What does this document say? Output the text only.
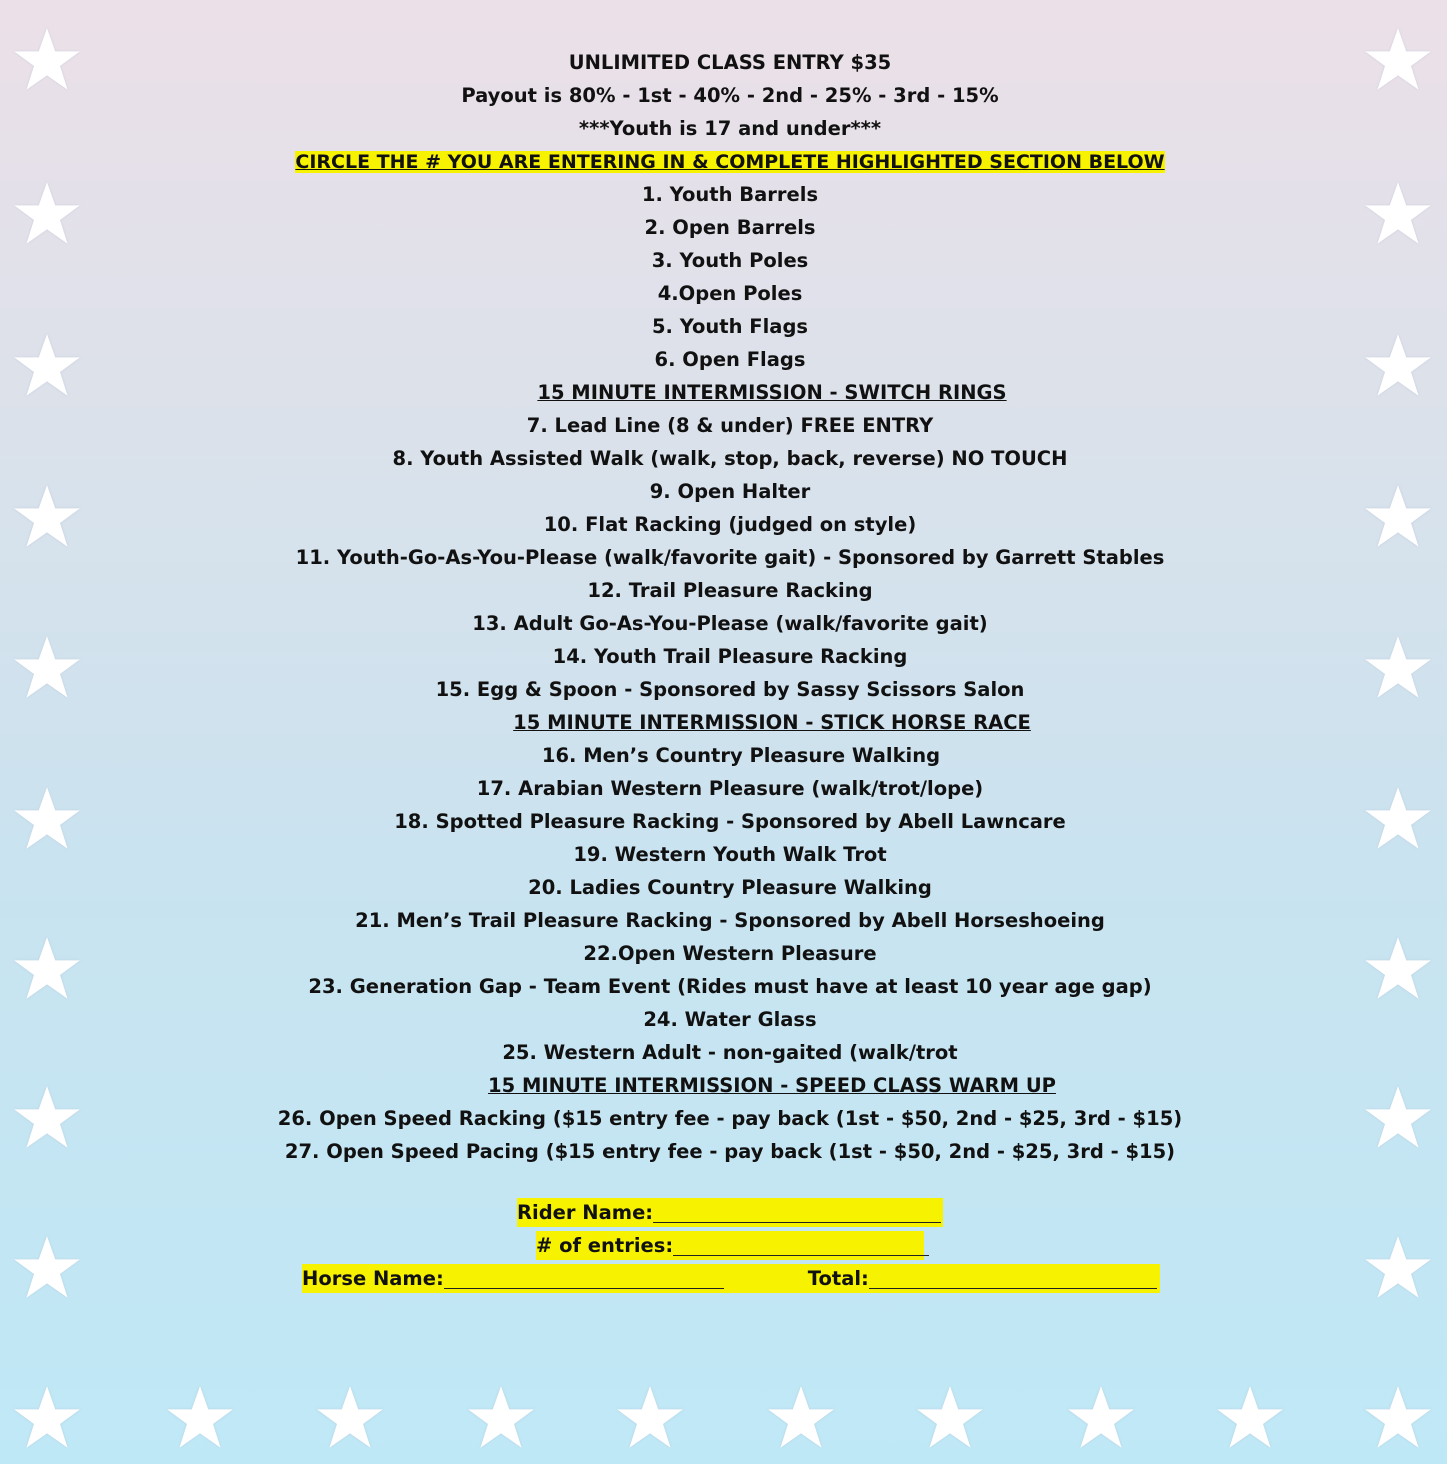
UNLIMITED CLASS ENTRY $35
Payout is 80% - 1st - 40% - 2nd - 25% - 3rd - 15%
***Youth is 17 and under***
CIRCLE THE # YOU ARE ENTERING IN & COMPLETE HIGHLIGHTED SECTION BELOW
1. Youth Barrels
2. Open Barrels
3. Youth Poles
4.Open Poles
5. Youth Flags
6. Open Flags
15 MINUTE INTERMISSION - SWITCH RINGS
7. Lead Line (8 & under) FREE ENTRY
8. Youth Assisted Walk (walk, stop, back, reverse) NO TOUCH
9. Open Halter
10. Flat Racking (judged on style)
11. Youth-Go-As-You-Please (walk/favorite gait) - Sponsored by Garrett Stables
12. Trail Pleasure Racking
13. Adult Go-As-You-Please (walk/favorite gait)
14. Youth Trail Pleasure Racking
15. Egg & Spoon - Sponsored by Sassy Scissors Salon
15 MINUTE INTERMISSION - STICK HORSE RACE
16. Men’s Country Pleasure Walking
17. Arabian Western Pleasure (walk/trot/lope)
18. Spotted Pleasure Racking - Sponsored by Abell Lawncare
19. Western Youth Walk Trot
20. Ladies Country Pleasure Walking
21. Men’s Trail Pleasure Racking - Sponsored by Abell Horseshoeing
22.Open Western Pleasure
23. Generation Gap - Team Event (Rides must have at least 10 year age gap)
24. Water Glass
25. Western Adult - non-gaited (walk/trot
15 MINUTE INTERMISSION - SPEED CLASS WARM UP
26. Open Speed Racking ($15 entry fee - pay back (1st - $50, 2nd - $25, 3rd - $15)
27. Open Speed Pacing ($15 entry fee - pay back (1st - $50, 2nd - $25, 3rd - $15)
Rider Name:
# of entries:
Horse Name:	Total:
